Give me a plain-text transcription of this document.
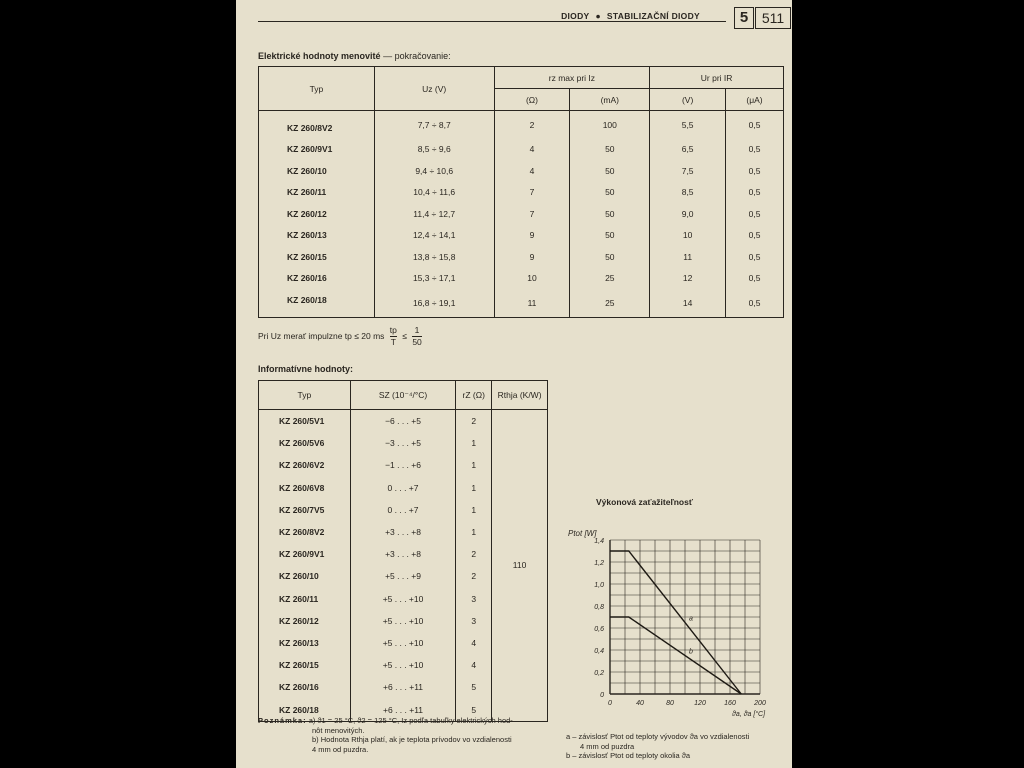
DIODY ● STABILIZAČNÍ DIODY	5 511
Elektrické hodnoty menovité — pokračovanie:
Typ	Uz (V)	rz max pri Iz		Ur pri IR	
		(Ω)	(mA)	(V)	(μA)
KZ 260/8V2	7,7 ÷ 8,7	2	100	5,5	0,5
KZ 260/9V1	8,5 ÷ 9,6	4	50	6,5	0,5
KZ 260/10	9,4 ÷ 10,6	4	50	7,5	0,5
KZ 260/11	10,4 ÷ 11,6	7	50	8,5	0,5
KZ 260/12	11,4 ÷ 12,7	7	50	9,0	0,5
KZ 260/13	12,4 ÷ 14,1	9	50	10	0,5
KZ 260/15	13,8 ÷ 15,8	9	50	11	0,5
KZ 260/16	15,3 ÷ 17,1	10	25	12	0,5
KZ 260/18	16,8 ÷ 19,1	11	25	14	0,5
Pri Uz merať impulzne tp ≤ 20 ms $\frac{tp}{T} \le \frac{1}{50}$
Informatívne hodnoty:
Typ	SZ (10⁻⁴/°C)	rZ (Ω)	Rthja (K/W)
KZ 260/5V1	−6 . . . +5	2	110
KZ 260/5V6	−3 . . . +5	1	
KZ 260/6V2	−1 . . . +6	1	
KZ 260/6V8	0 . . . +7	1	
KZ 260/7V5	0 . . . +7	1	
KZ 260/8V2	+3 . . . +8	1	
KZ 260/9V1	+3 . . . +8	2	
KZ 260/10	+5 . . . +9	2	
KZ 260/11	+5 . . . +10	3	
KZ 260/12	+5 . . . +10	3	
KZ 260/13	+5 . . . +10	4	
KZ 260/15	+5 . . . +10	4	
KZ 260/16	+6 . . . +11	5	
KZ 260/18	+6 . . . +11	5	
Poznámka: a) ϑ1 = 25 °C, ϑ2 = 125 °C, Iz podľa tabuľky elektrických hod-
nôt menovitých.
b) Hodnota Rthja platí, ak je teplota prívodov vo vzdialenosti
4 mm od puzdra.
Výkonová zaťažiteľnosť
0
0,2
0,4
0,6
0,8
1,0
1,2
1,4
0	40	80	120	160	200
Ptot [W]
ϑa, ϑa [°C]
a
b
a – závislosť Ptot od teploty vývodov ϑa vo vzdialenosti
4 mm od puzdra
b – závislosť Ptot od teploty okolia ϑa
